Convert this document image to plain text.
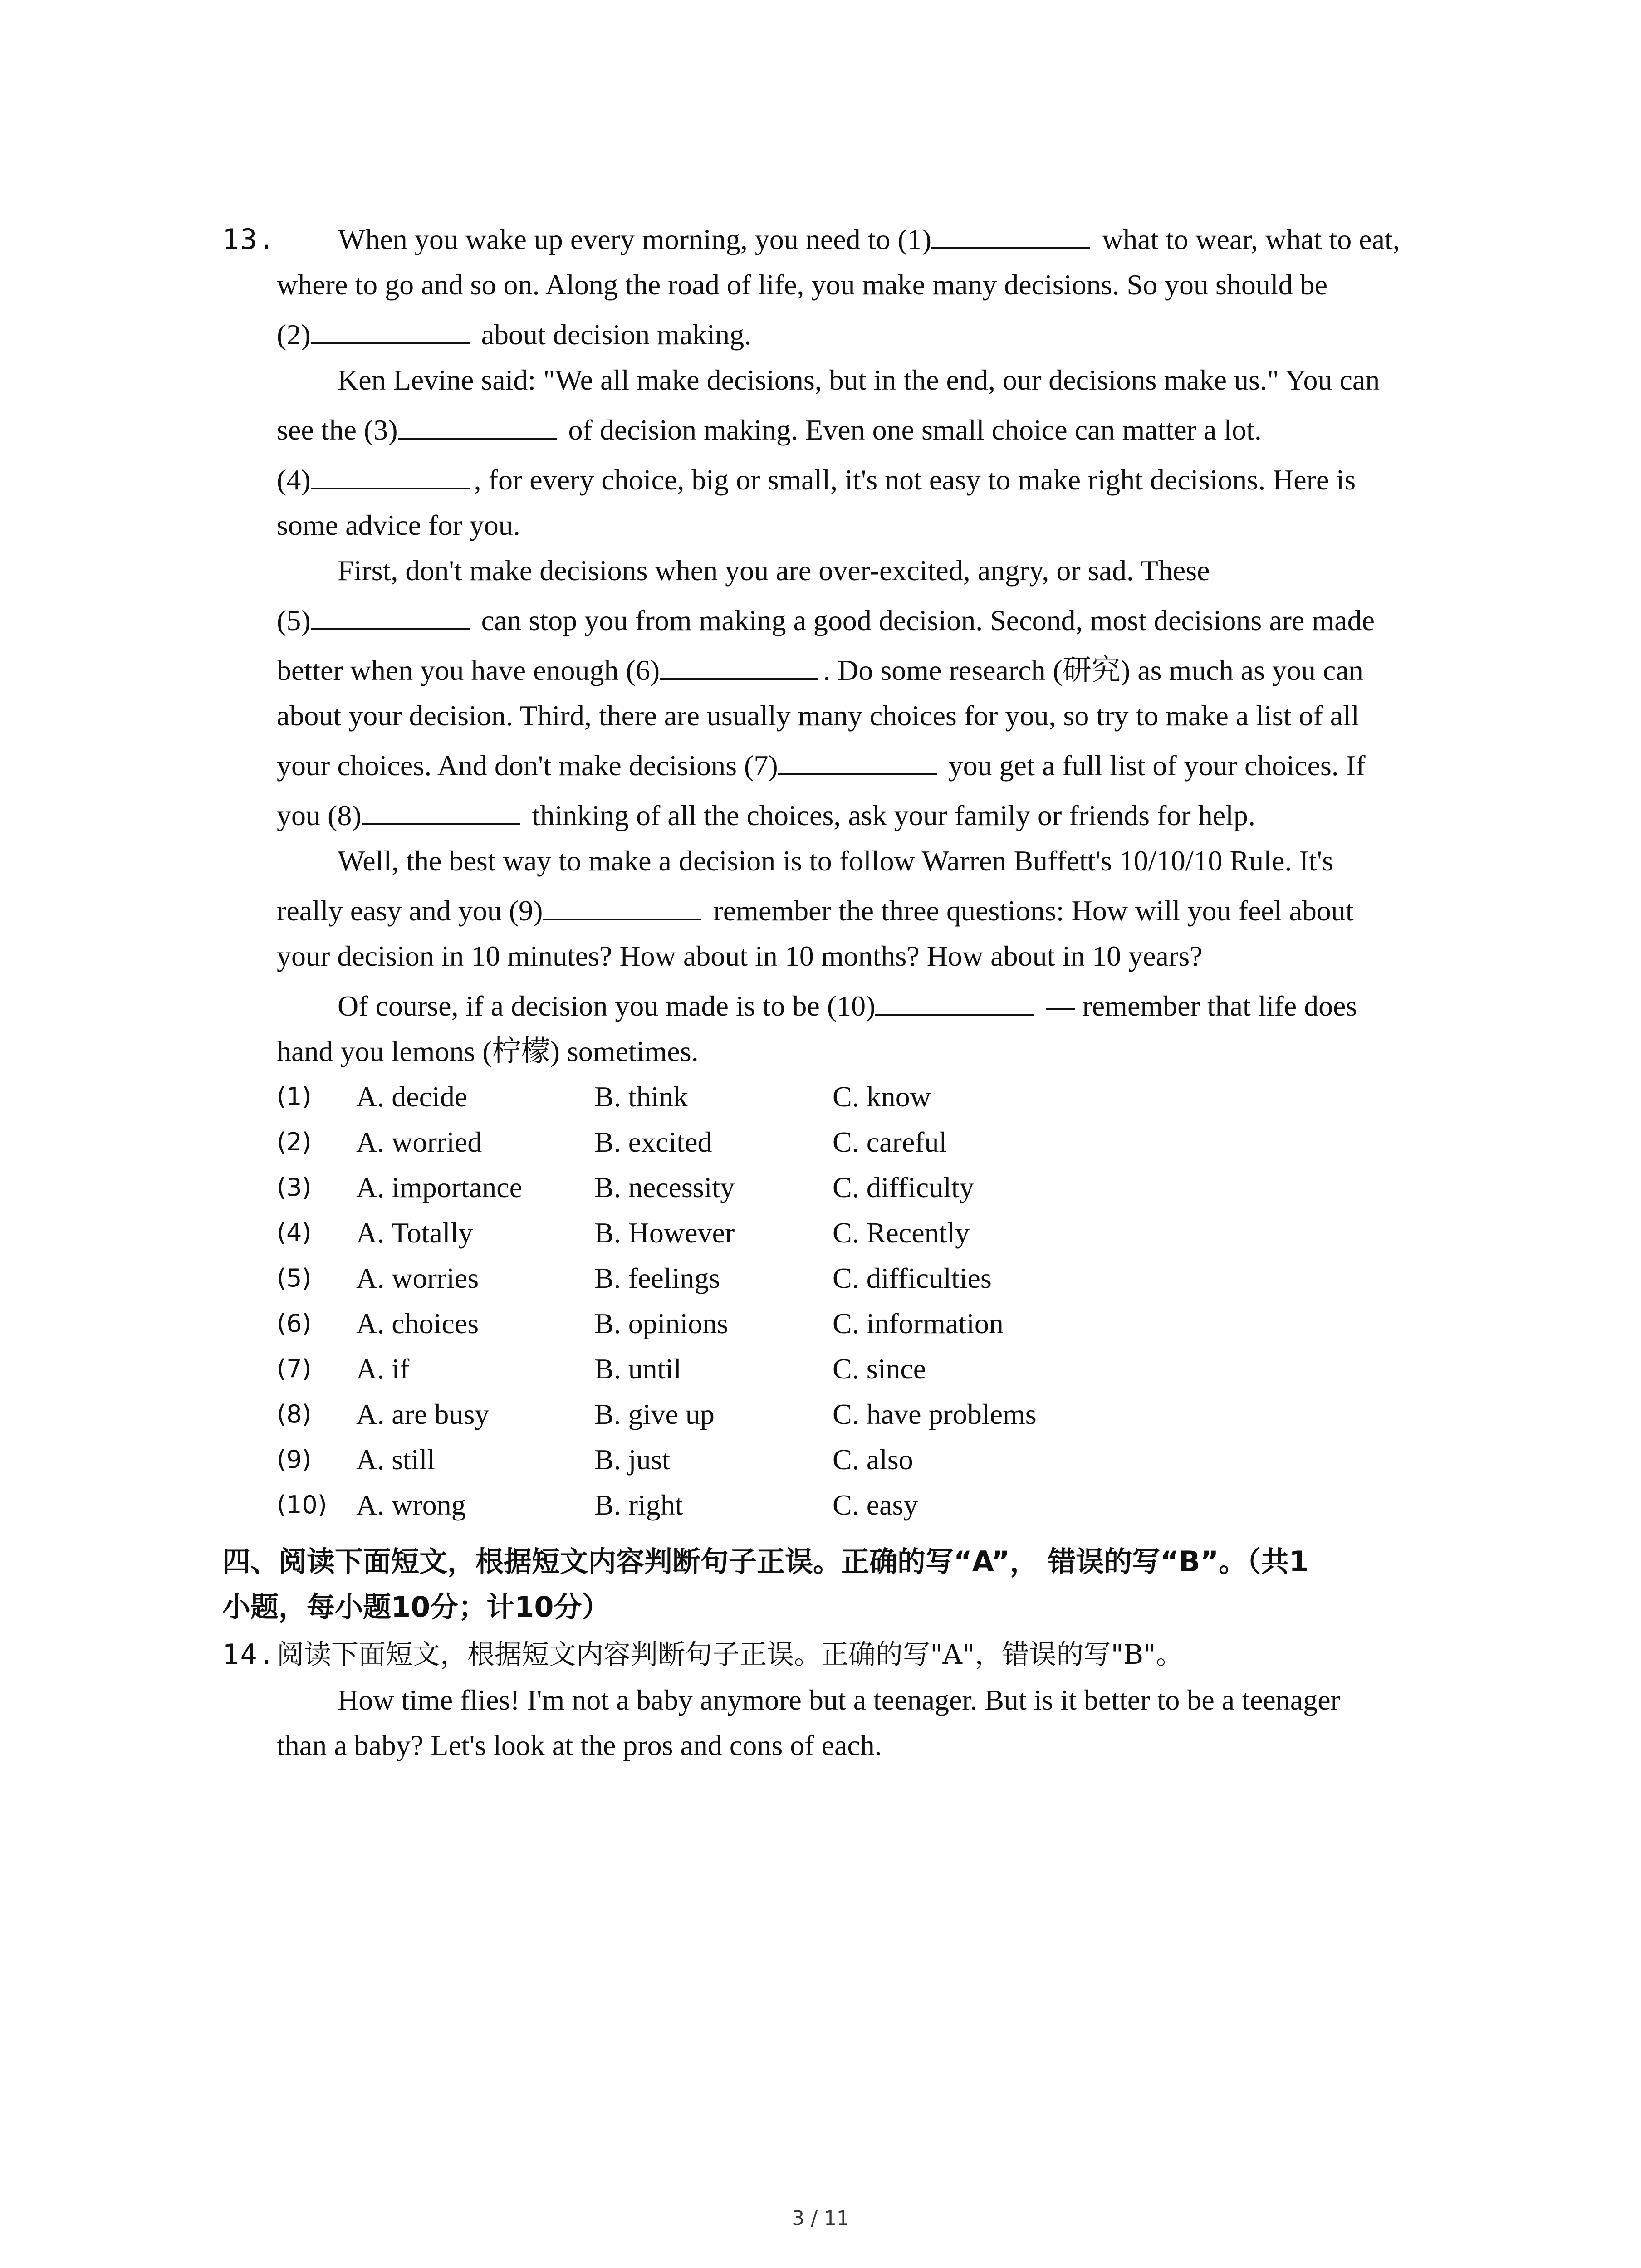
13. When you wake up every morning, you need to (1)	what to wear, what to eat,
where to go and so on. Along the road of life, you make many decisions. So you should be
(2)	about decision making.
Ken Levine said: "We all make decisions, but in the end, our decisions make us." You can
see the (3)	of decision making. Even one small choice can matter a lot.
(4)	, for every choice, big or small, it's not easy to make right decisions. Here is
some advice for you.
First, don't make decisions when you are over-excited, angry, or sad. These
(5)	can stop you from making a good decision. Second, most decisions are made
better when you have enough (6)	. Do some research (研究) as much as you can
about your decision. Third, there are usually many choices for you, so try to make a list of all
your choices. And don't make decisions (7)	you get a full list of your choices. If
you (8)	thinking of all the choices, ask your family or friends for help.
Well, the best way to make a decision is to follow Warren Buffett's 10/10/10 Rule. It's
really easy and you (9)	remember the three questions: How will you feel about
your decision in 10 minutes? How about in 10 months? How about in 10 years?
Of course, if a decision you made is to be (10)	— remember that life does
hand you lemons (柠檬) sometimes.
(1) A. decide	B. think	C. know
(2) A. worried	B. excited	C. careful
(3) A. importance B. necessity	C. difficulty
(4) A. Totally	B. However	C. Recently
(5) A. worries	B. feelings	C. difficulties
(6) A. choices	B. opinions	C. information
(7) A. if	B. until	C. since
(8) A. are busy	B. give up	C. have problems
(9) A. still	B. just	C. also
(10) A. wrong	B. right	C. easy
四、阅读下面短文，根据短文内容判断句子正误。正确的写“A”， 错误的写“B”。（共1
小题，每小题10分；计10分）
14. 阅读下面短文，根据短文内容判断句子正误。正确的写"A"，错误的写"B"。
How time flies! I'm not a baby anymore but a teenager. But is it better to be a teenager
than a baby? Let's look at the pros and cons of each.
3 / 11
